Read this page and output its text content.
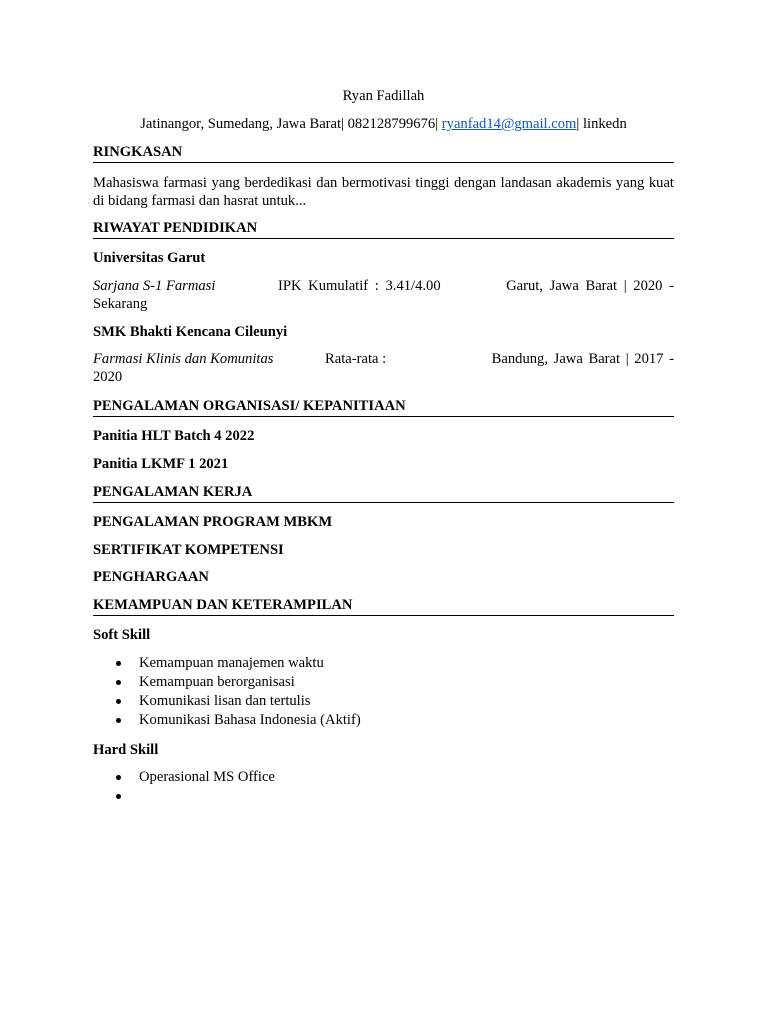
Ryan Fadillah
Jatinangor, Sumedang, Jawa Barat| 082128799676| ryanfad14@gmail.com| linkedn
RINGKASAN
Mahasiswa farmasi yang berdedikasi dan bermotivasi tinggi dengan landasan akademis yang kuat di bidang farmasi dan hasrat untuk...
RIWAYAT PENDIDIKAN
Universitas Garut
Sarjana S-1 Farmasi	IPK Kumulatif : 3.41/4.00	Garut, Jawa Barat | 2020 -
Sekarang
SMK Bhakti Kencana Cileunyi
Farmasi Klinis dan Komunitas	Rata-rata :	Bandung, Jawa Barat | 2017 -
2020
PENGALAMAN ORGANISASI/ KEPANITIAAN
Panitia HLT Batch 4 2022
Panitia LKMF 1 2021
PENGALAMAN KERJA
PENGALAMAN PROGRAM MBKM
SERTIFIKAT KOMPETENSI
PENGHARGAAN
KEMAMPUAN DAN KETERAMPILAN
Soft Skill
Kemampuan manajemen waktu
Kemampuan berorganisasi
Komunikasi lisan dan tertulis
Komunikasi Bahasa Indonesia (Aktif)
Hard Skill
Operasional MS Office
